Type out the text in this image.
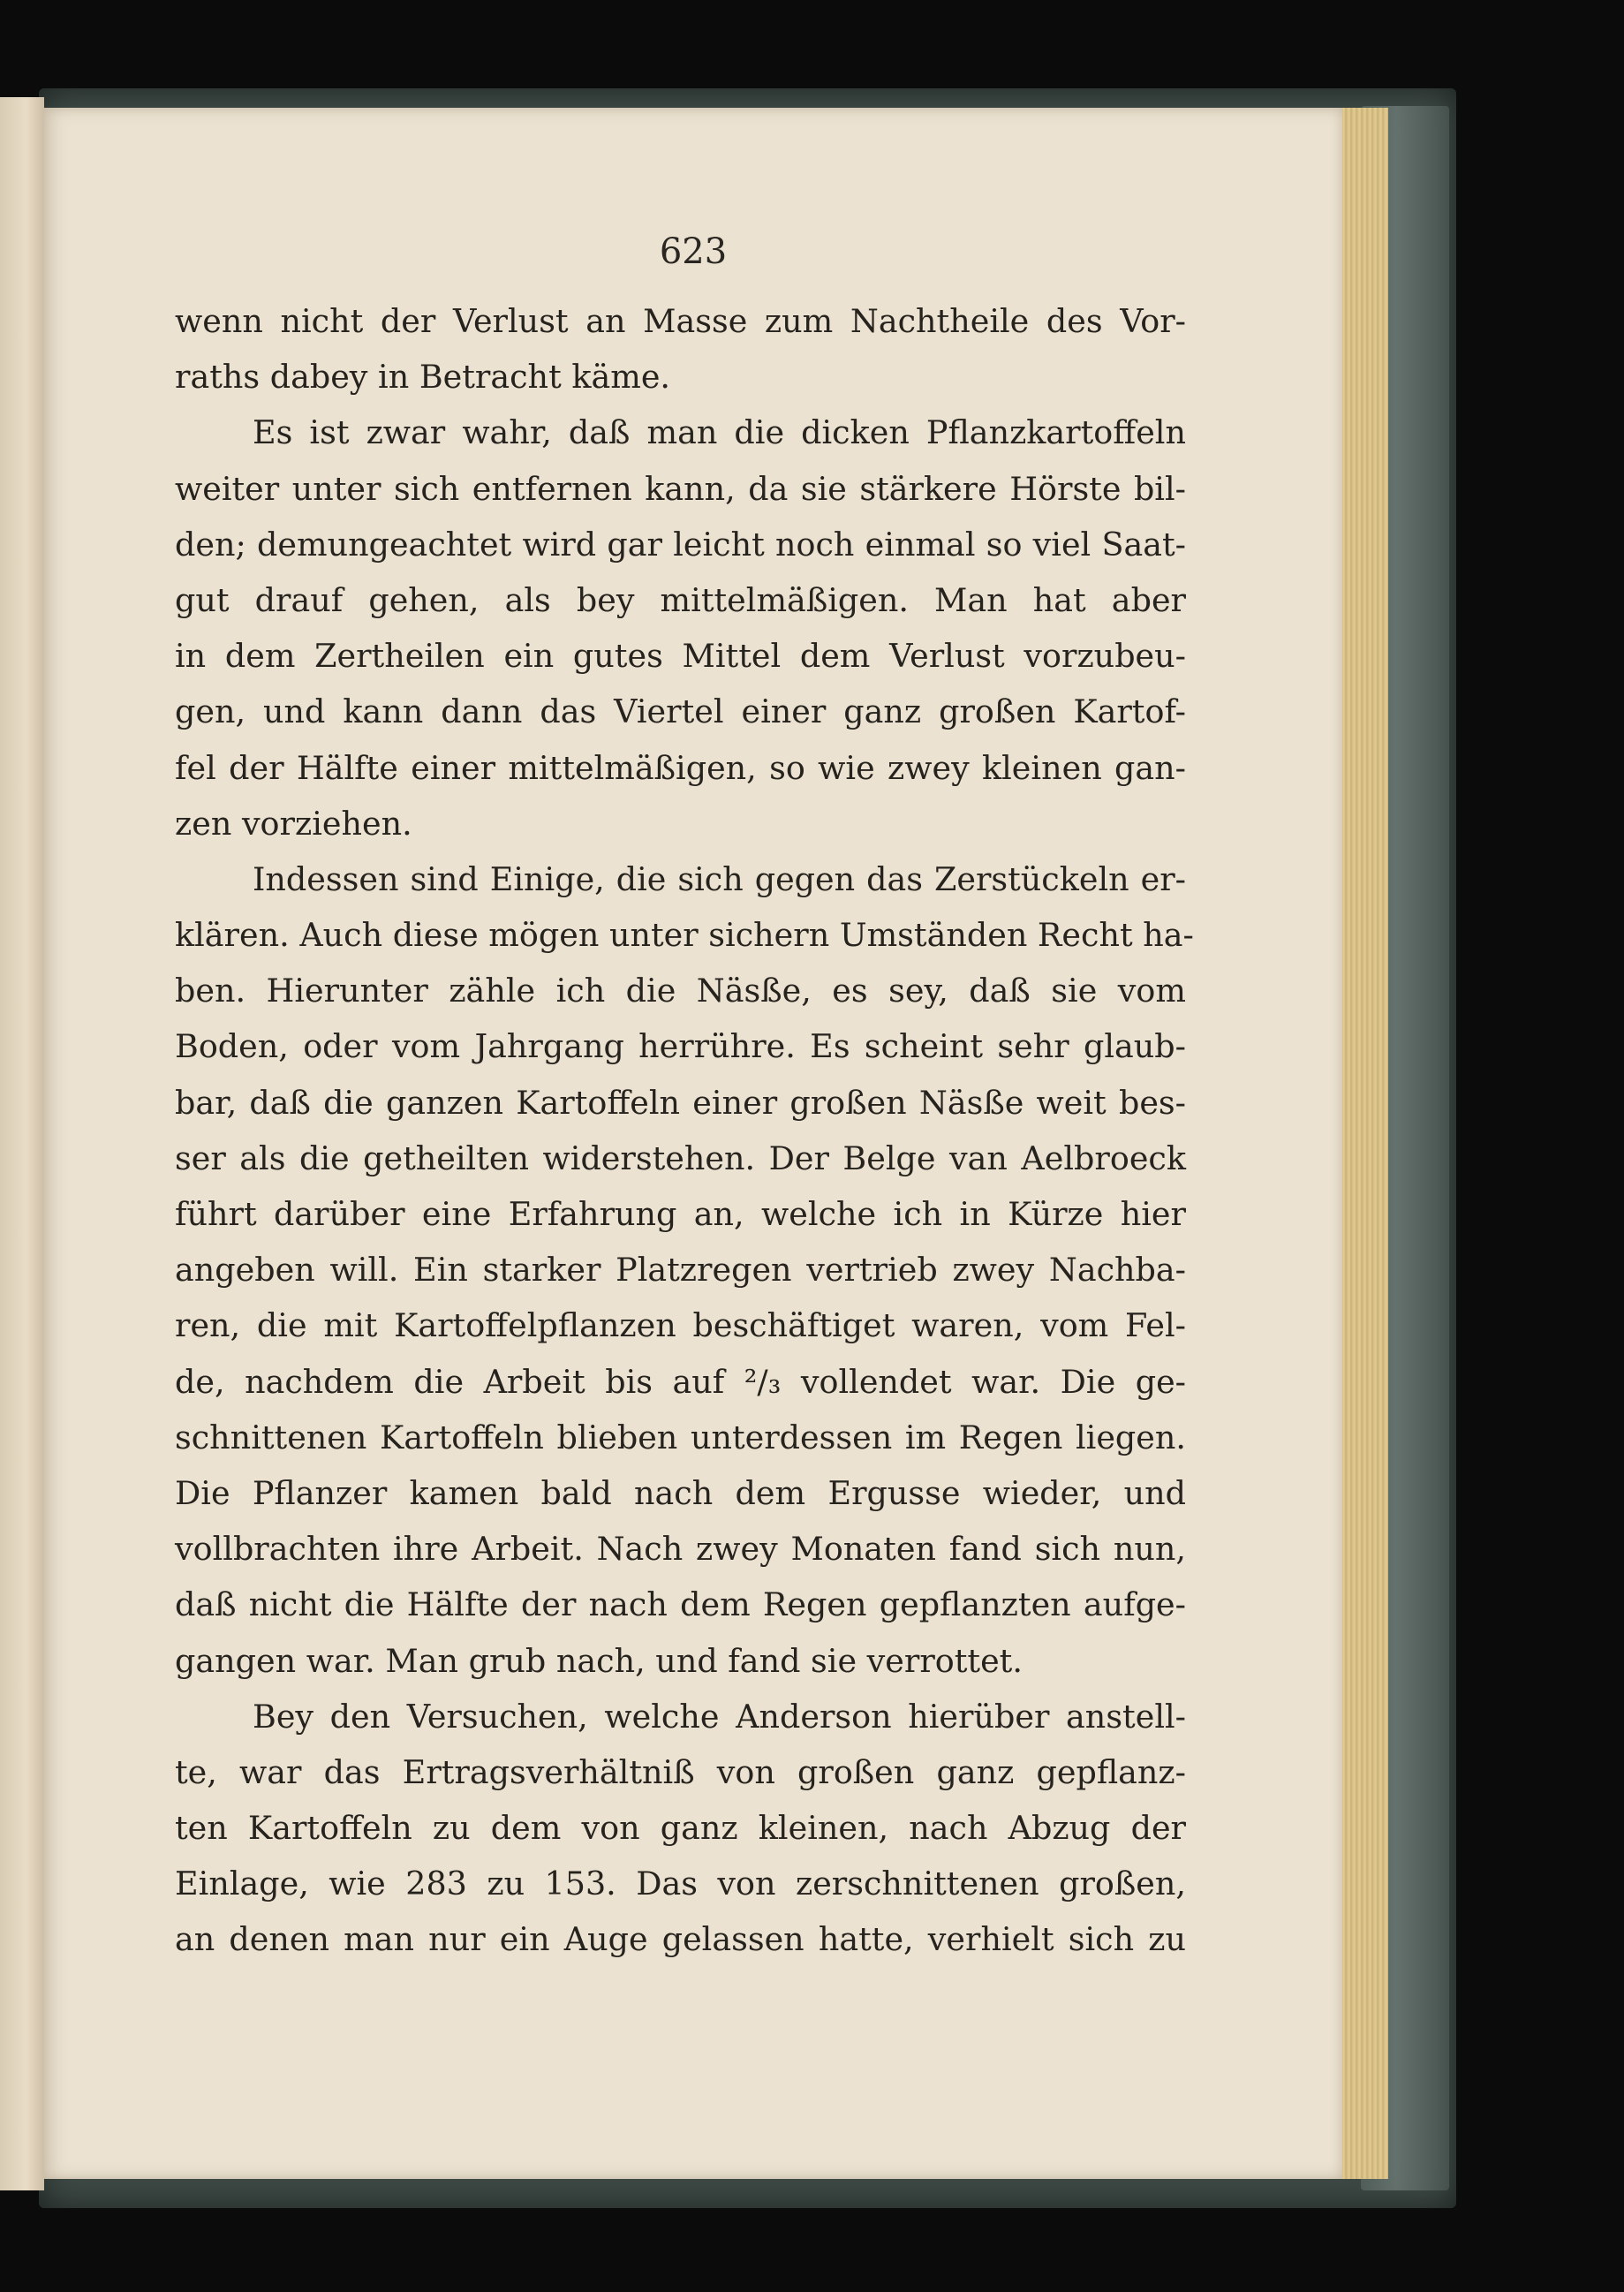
623

wenn nicht der Verlust an Masse zum Nachtheile des Vor-
raths dabey in Betracht käme.
Es ist zwar wahr, daß man die dicken Pflanzkartoffeln
weiter unter sich entfernen kann, da sie stärkere Hörste bil-
den; demungeachtet wird gar leicht noch einmal so viel Saat-
gut drauf gehen, als bey mittelmäßigen. Man hat aber
in dem Zertheilen ein gutes Mittel dem Verlust vorzubeu-
gen, und kann dann das Viertel einer ganz großen Kartof-
fel der Hälfte einer mittelmäßigen, so wie zwey kleinen gan-
zen vorziehen.
Indessen sind Einige, die sich gegen das Zerstückeln er-
klären. Auch diese mögen unter sichern Umständen Recht ha-
ben. Hierunter zähle ich die Näsße, es sey, daß sie vom
Boden, oder vom Jahrgang herrühre. Es scheint sehr glaub-
bar, daß die ganzen Kartoffeln einer großen Näsße weit bes-
ser als die getheilten widerstehen. Der Belge van Aelbroeck
führt darüber eine Erfahrung an, welche ich in Kürze hier
angeben will. Ein starker Platzregen vertrieb zwey Nachba-
ren, die mit Kartoffelpflanzen beschäftiget waren, vom Fel-
de, nachdem die Arbeit bis auf ²/₃ vollendet war. Die ge-
schnittenen Kartoffeln blieben unterdessen im Regen liegen.
Die Pflanzer kamen bald nach dem Ergusse wieder, und
vollbrachten ihre Arbeit. Nach zwey Monaten fand sich nun,
daß nicht die Hälfte der nach dem Regen gepflanzten aufge-
gangen war. Man grub nach, und fand sie verrottet.
Bey den Versuchen, welche Anderson hierüber anstell-
te, war das Ertragsverhältniß von großen ganz gepflanz-
ten Kartoffeln zu dem von ganz kleinen, nach Abzug der
Einlage, wie 283 zu 153. Das von zerschnittenen großen,
an denen man nur ein Auge gelassen hatte, verhielt sich zu
